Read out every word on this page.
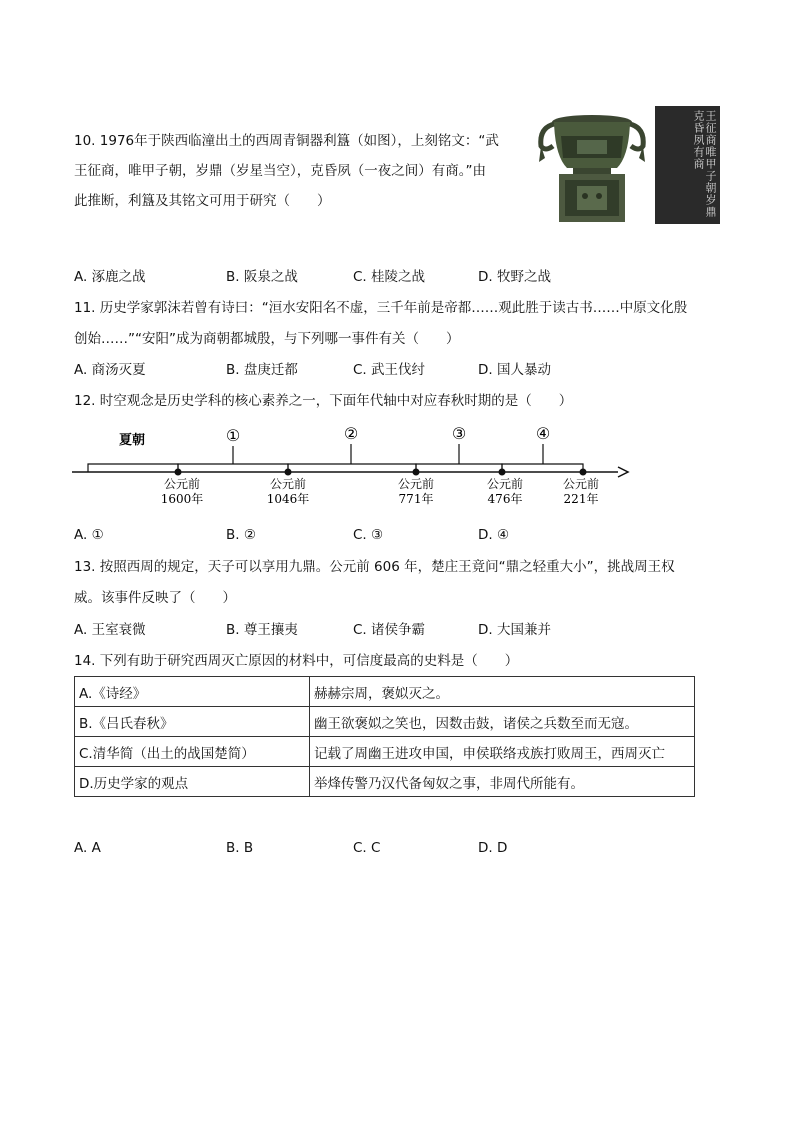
10. 1976年于陕西临潼出土的西周青铜器利簋（如图），上刻铭文：“武
王征商，唯甲子朝，岁鼎（岁星当空），克昏夙（一夜之间）有商。”由
此推断，利簋及其铭文可用于研究（　　）	王征商唯甲子朝岁鼎克昏夙有商
A. 涿鹿之战	B. 阪泉之战	C. 桂陵之战	D. 牧野之战
11. 历史学家郭沫若曾有诗曰：“洹水安阳名不虚，三千年前是帝都……观此胜于读古书……中原文化殷
创始……”“安阳”成为商朝都城殷，与下列哪一事件有关（　　）
A. 商汤灭夏	B. 盘庚迁都	C. 武王伐纣	D. 国人暴动
12. 时空观念是历史学科的核心素养之一，下面年代轴中对应春秋时期的是（　　）
夏朝	①	②	③	④
公元前
1600年
公元前
1046年
公元前
771年
公元前
476年
公元前
221年
A. ①	B. ②	C. ③	D. ④
13. 按照西周的规定，天子可以享用九鼎。公元前 606 年，楚庄王竟问“鼎之轻重大小”，挑战周王权
威。该事件反映了（　　）
A. 王室衰微	B. 尊王攘夷	C. 诸侯争霸	D. 大国兼并
14. 下列有助于研究西周灭亡原因的材料中，可信度最高的史料是（　　）
A.《诗经》	赫赫宗周，褒姒灭之。
B.《吕氏春秋》	幽王欲褒姒之笑也，因数击鼓，诸侯之兵数至而无寇。
C.清华简（出土的战国楚简）	记载了周幽王进攻申国，申侯联络戎族打败周王，西周灭亡
D.历史学家的观点	举烽传警乃汉代备匈奴之事，非周代所能有。
A. A	B. B	C. C	D. D
